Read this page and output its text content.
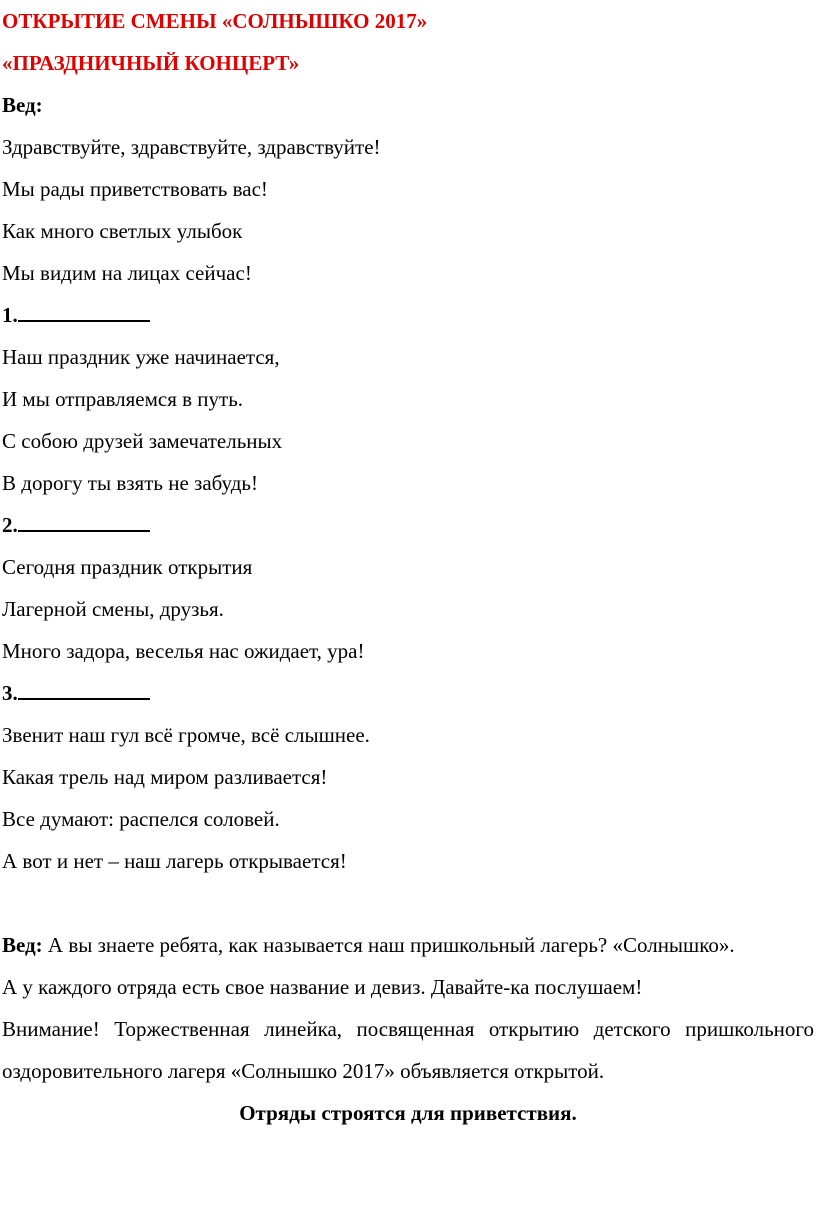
ОТКРЫТИЕ СМЕНЫ «СОЛНЫШКО 2017»
«ПРАЗДНИЧНЫЙ КОНЦЕРТ»
Вед:
Здравствуйте, здравствуйте, здравствуйте!
Мы рады приветствовать вас!
Как много светлых улыбок
Мы видим на лицах сейчас!
1.
Наш праздник уже начинается,
И мы отправляемся в путь.
С собою друзей замечательных
В дорогу ты взять не забудь!
2.
Сегодня праздник открытия
Лагерной смены, друзья.
Много задора, веселья нас ожидает, ура!
3.
Звенит наш гул всё громче, всё слышнее.
Какая трель над миром разливается!
Все думают: распелся соловей.
А вот и нет – наш лагерь открывается!
Вед: А вы знаете ребята, как называется наш пришкольный лагерь? «Солнышко».
А у каждого отряда есть свое название и девиз. Давайте-ка послушаем!
Внимание! Торжественная линейка, посвященная открытию детского пришкольного оздоровительного лагеря «Солнышко 2017» объявляется открытой.
Отряды строятся для приветствия.
